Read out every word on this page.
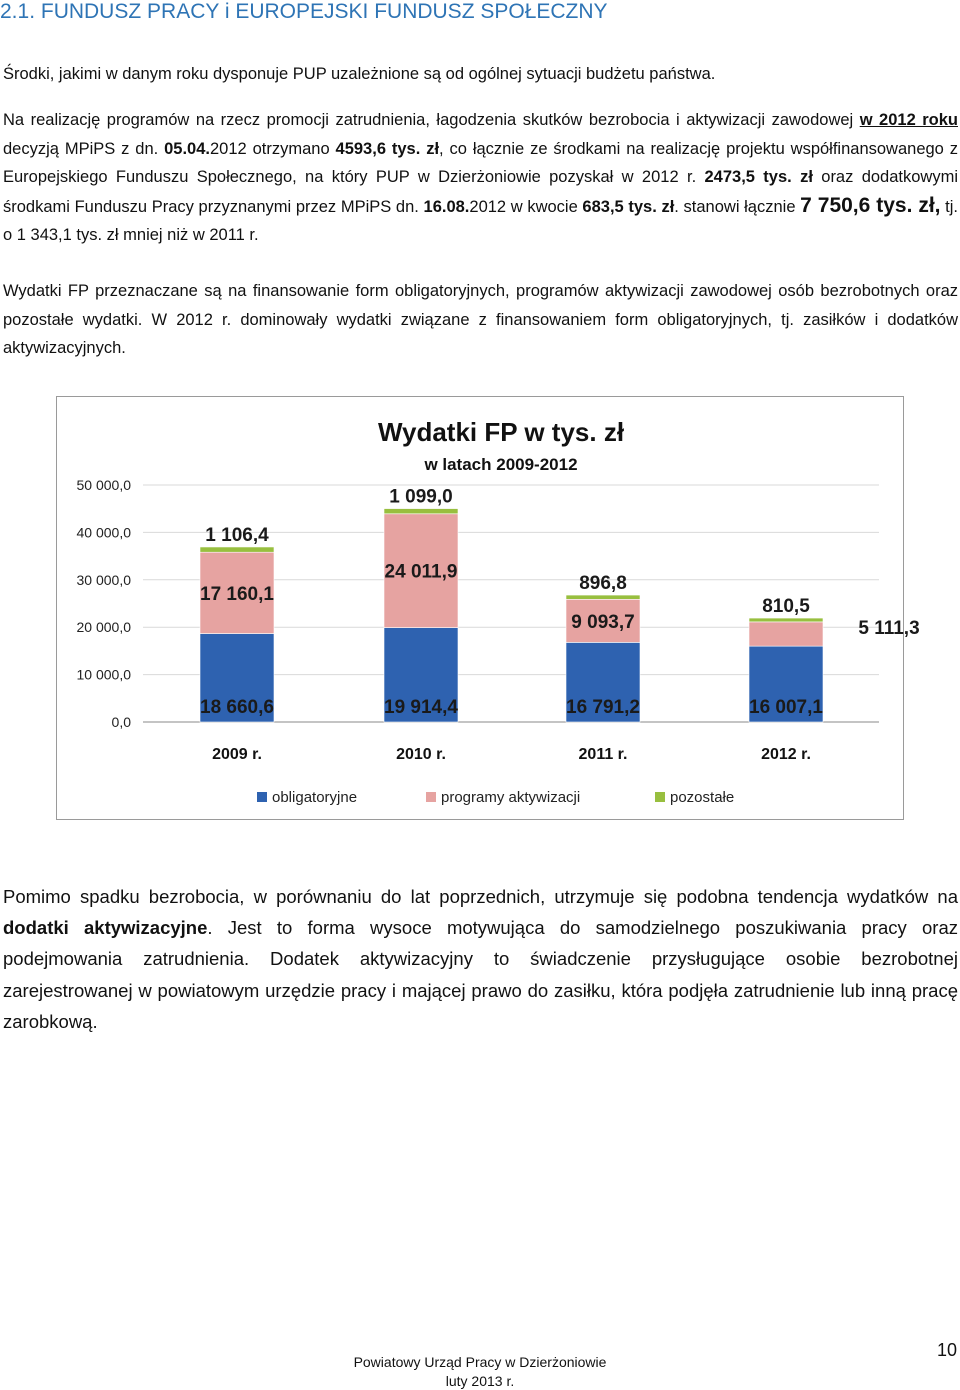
2.1. FUNDUSZ PRACY i EUROPEJSKI FUNDUSZ SPOŁECZNY

Środki, jakimi w danym roku dysponuje PUP uzależnione są od ogólnej sytuacji budżetu państwa.

Na realizację programów na rzecz promocji zatrudnienia, łagodzenia skutków bezrobocia i aktywizacji zawodowej w 2012 roku decyzją MPiPS z dn. 05.04.2012 otrzymano 4593,6 tys. zł, co łącznie ze środkami na realizację projektu współfinansowanego z Europejskiego Funduszu Społecznego, na który PUP w Dzierżoniowie pozyskał w 2012 r. 2473,5 tys. zł oraz dodatkowymi środkami Funduszu Pracy przyznanymi przez MPiPS dn. 16.08.2012 w kwocie 683,5 tys. zł. stanowi łącznie 7 750,6 tys. zł, tj. o 1 343,1 tys. zł mniej niż w 2011 r.

Wydatki FP przeznaczane są na finansowanie form obligatoryjnych, programów aktywizacji zawodowej osób bezrobotnych oraz pozostałe wydatki. W 2012 r. dominowały wydatki związane z finansowaniem form obligatoryjnych, tj. zasiłków i dodatków aktywizacyjnych.

Wydatki FP w tys. zł
w latach 2009-2012
0,0
10 000,0
20 000,0
30 000,0
40 000,0
50 000,0
18 660,6
17 160,1
1 106,4
2009 r.
19 914,4
24 011,9
1 099,0
2010 r.
16 791,2
9 093,7
896,8
2011 r.
16 007,1
5 111,3
810,5
2012 r.
obligatoryjne	programy aktywizacji	pozostałe

Pomimo spadku bezrobocia, w porównaniu do lat poprzednich, utrzymuje się podobna tendencja wydatków na dodatki aktywizacyjne. Jest to forma wysoce motywująca do samodzielnego poszukiwania pracy oraz podejmowania zatrudnienia. Dodatek aktywizacyjny to świadczenie przysługujące osobie bezrobotnej zarejestrowanej w powiatowym urzędzie pracy i mającej prawo do zasiłku, która podjęła zatrudnienie lub inną pracę zarobkową.

Powiatowy Urząd Pracy w Dzierżoniowie
luty 2013 r.
10
